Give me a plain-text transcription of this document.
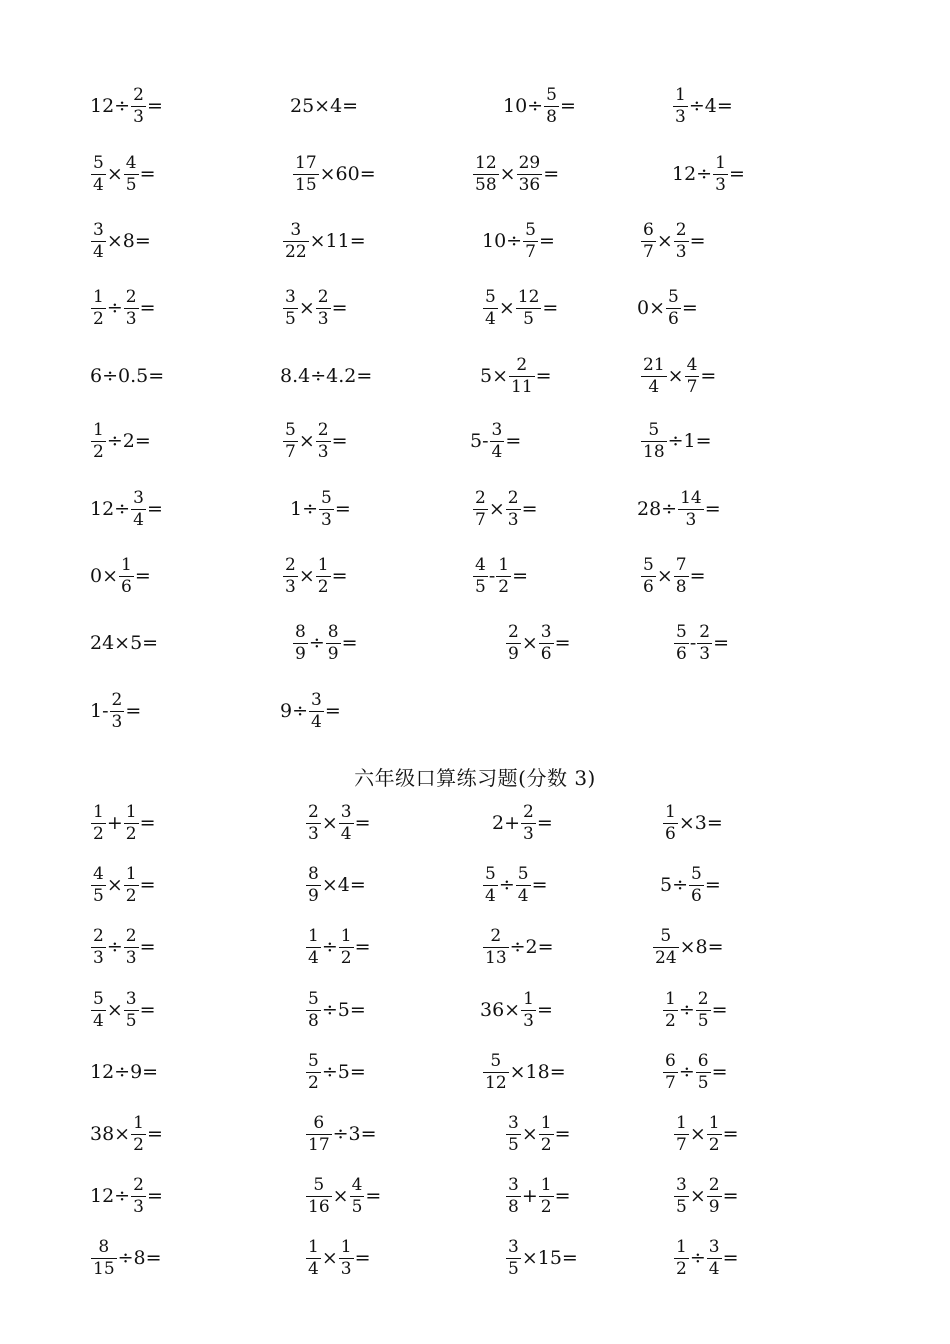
六年级口算练习题(分数 3)
$12\div \frac{2}{3}$ =	25×4=	$10\div \frac{5}{8}$ =	$\frac{1}{3} \div 4=$
$\frac{5}{4} \times \frac{4}{5}$ =	$\frac{17}{15} \times 60=$	$\frac{12}{58} \times \frac{29}{36}$ =	$12\div \frac{1}{3}$ =
$\frac{3}{4} \times 8=$	$\frac{3}{22} \times 11=$	$10\div \frac{5}{7}$ =	$\frac{6}{7} \times \frac{2}{3}$ =
$\frac{1}{2} \div \frac{2}{3}$ =	$\frac{3}{5} \times \frac{2}{3}$ =	$\frac{5}{4} \times \frac{12}{5}$ =	$0\times \frac{5}{6}$ =
6÷0.5=	8.4÷4.2=	$5\times \frac{2}{11}$ =	$\frac{21}{4} \times \frac{4}{7}$ =
$\frac{1}{2} \div 2=$	$\frac{5}{7} \times \frac{2}{3}$ =	$5- \frac{3}{4}$ =	$\frac{5}{18} \div 1=$
$12\div \frac{3}{4}$ =	$1\div \frac{5}{3}$ =	$\frac{2}{7} \times \frac{2}{3}$ =	$28\div \frac{14}{3}$ =
$0\times \frac{1}{6}$ =	$\frac{2}{3} \times \frac{1}{2}$ =	$\frac{4}{5} - \frac{1}{2}$ =	$\frac{5}{6} \times \frac{7}{8}$ =
24×5=	$\frac{8}{9} \div \frac{8}{9}$ =	$\frac{2}{9} \times \frac{3}{6}$ =	$\frac{5}{6} - \frac{2}{3}$ =
$1- \frac{2}{3}$ =	$9\div \frac{3}{4}$ =
$\frac{1}{2} + \frac{1}{2}$ =	$\frac{2}{3} \times \frac{3}{4}$ =	$2+ \frac{2}{3}$ =	$\frac{1}{6} \times 3=$
$\frac{4}{5} \times \frac{1}{2}$ =	$\frac{8}{9} \times 4=$	$\frac{5}{4} \div \frac{5}{4}$ =	$5\div \frac{5}{6}$ =
$\frac{2}{3} \div \frac{2}{3}$ =	$\frac{1}{4} \div \frac{1}{2}$ =	$\frac{2}{13} \div 2=$	$\frac{5}{24} \times 8=$
$\frac{5}{4} \times \frac{3}{5}$ =	$\frac{5}{8} \div 5=$	$36\times \frac{1}{3}$ =	$\frac{1}{2} \div \frac{2}{5}$ =
12÷9=	$\frac{5}{2} \div 5=$	$\frac{5}{12} \times 18=$	$\frac{6}{7} \div \frac{6}{5}$ =
$38\times \frac{1}{2}$ =	$\frac{6}{17} \div 3=$	$\frac{3}{5} \times \frac{1}{2}$ =	$\frac{1}{7} \times \frac{1}{2}$ =
$12\div \frac{2}{3}$ =	$\frac{5}{16} \times \frac{4}{5}$ =	$\frac{3}{8} + \frac{1}{2}$ =	$\frac{3}{5} \times \frac{2}{9}$ =
$\frac{8}{15} \div 8=$	$\frac{1}{4} \times \frac{1}{3}$ =	$\frac{3}{5} \times 15=$	$\frac{1}{2} \div \frac{3}{4}$ =
